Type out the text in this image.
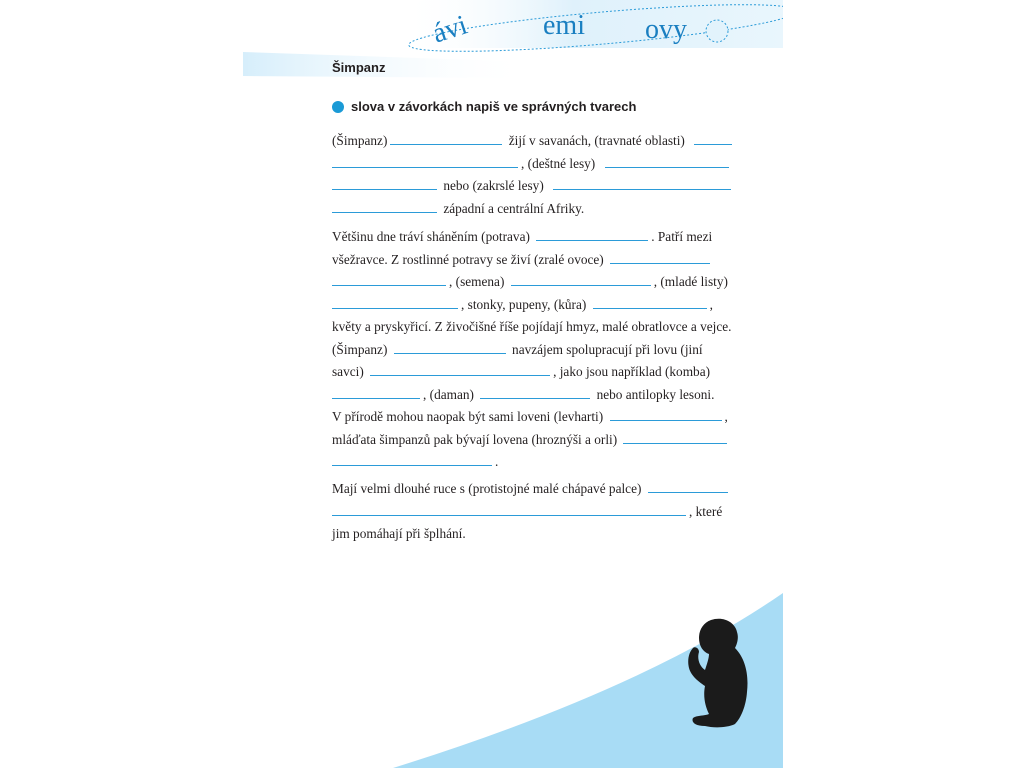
ávi	emi ovy
Šimpanz
slova v závorkách napiš ve správných tvarech
(Šimpanz)	žijí v savanách, (travnaté oblasti)
, (deštné lesy)
nebo (zakrslé lesy)
západní a centrální Afriky.
Většinu dne tráví sháněním (potrava)	. Patří mezi
všežravce. Z rostlinné potravy se živí (zralé ovoce)
, (semena)	, (mladé listy)
, stonky, pupeny, (kůra)	,
květy a pryskyřicí. Z živočišné říše pojídají hmyz, malé obratlovce a vejce.
(Šimpanz)	navzájem spolupracují při lovu (jiní
savci)	, jako jsou například (komba)
, (daman)	nebo antilopky lesoni.
V přírodě mohou naopak být sami loveni (levharti)	,
mláďata šimpanzů pak bývají lovena (hroznýši a orli)
.
Mají velmi dlouhé ruce s (protistojné malé chápavé palce)
, které
jim pomáhají při šplhání.
